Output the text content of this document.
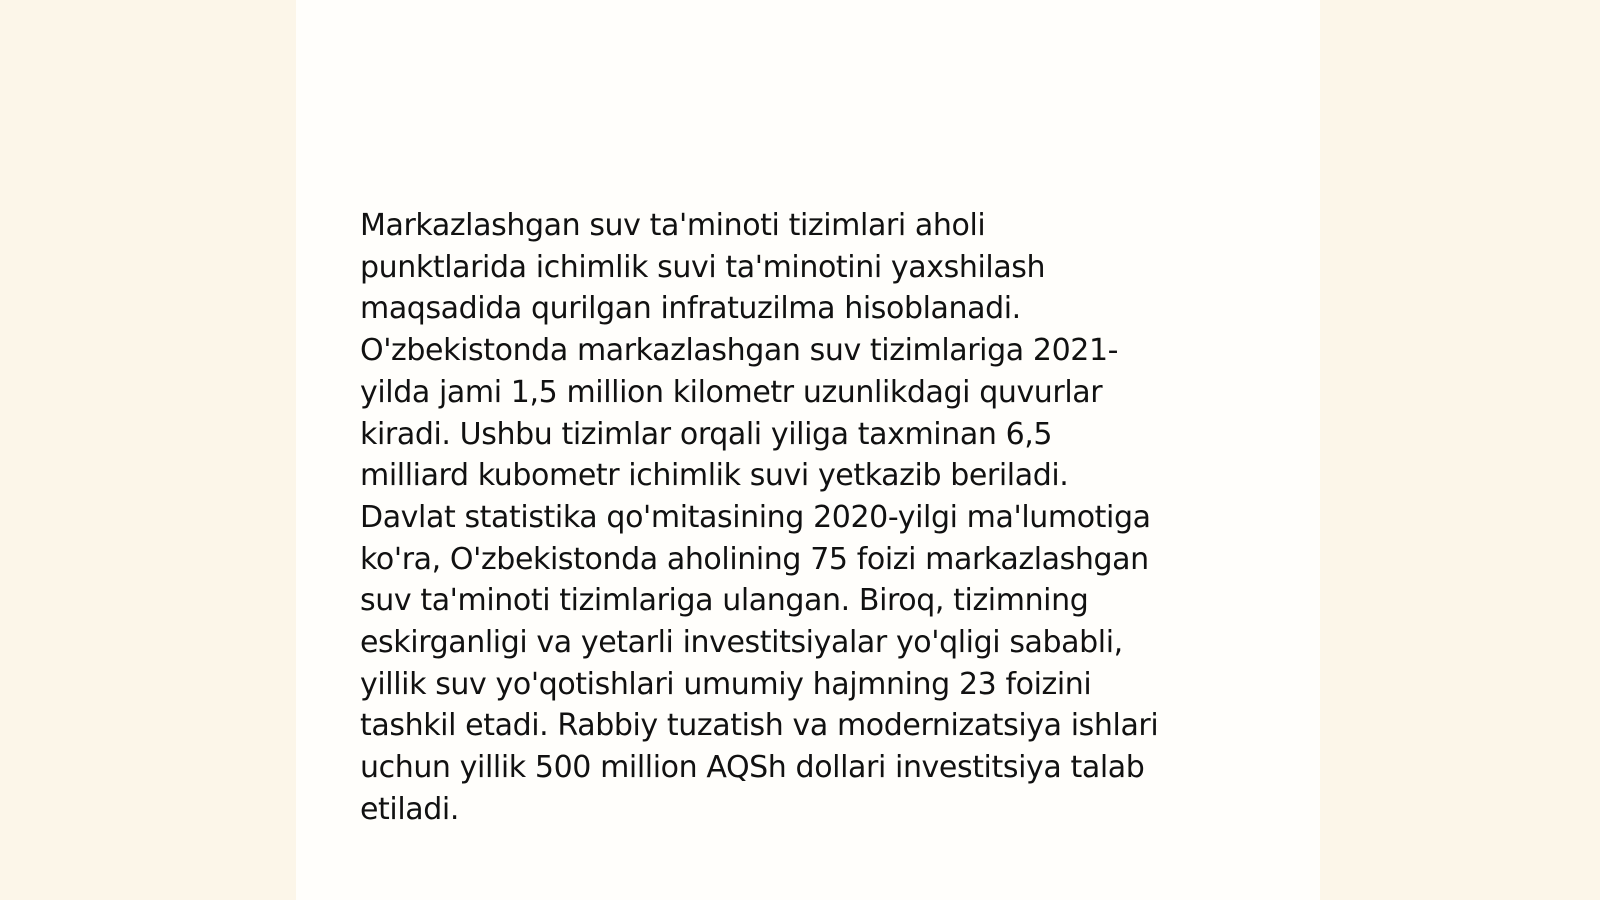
Markazlashgan suv ta'minoti tizimlari aholi
punktlarida ichimlik suvi ta'minotini yaxshilash
maqsadida qurilgan infratuzilma hisoblanadi.
O'zbekistonda markazlashgan suv tizimlariga 2021-
yilda jami 1,5 million kilometr uzunlikdagi quvurlar
kiradi. Ushbu tizimlar orqali yiliga taxminan 6,5
milliard kubometr ichimlik suvi yetkazib beriladi.
Davlat statistika qo'mitasining 2020-yilgi ma'lumotiga
ko'ra, O'zbekistonda aholining 75 foizi markazlashgan
suv ta'minoti tizimlariga ulangan. Biroq, tizimning
eskirganligi va yetarli investitsiyalar yo'qligi sababli,
yillik suv yo'qotishlari umumiy hajmning 23 foizini
tashkil etadi. Rabbiy tuzatish va modernizatsiya ishlari
uchun yillik 500 million AQSh dollari investitsiya talab
etiladi.
